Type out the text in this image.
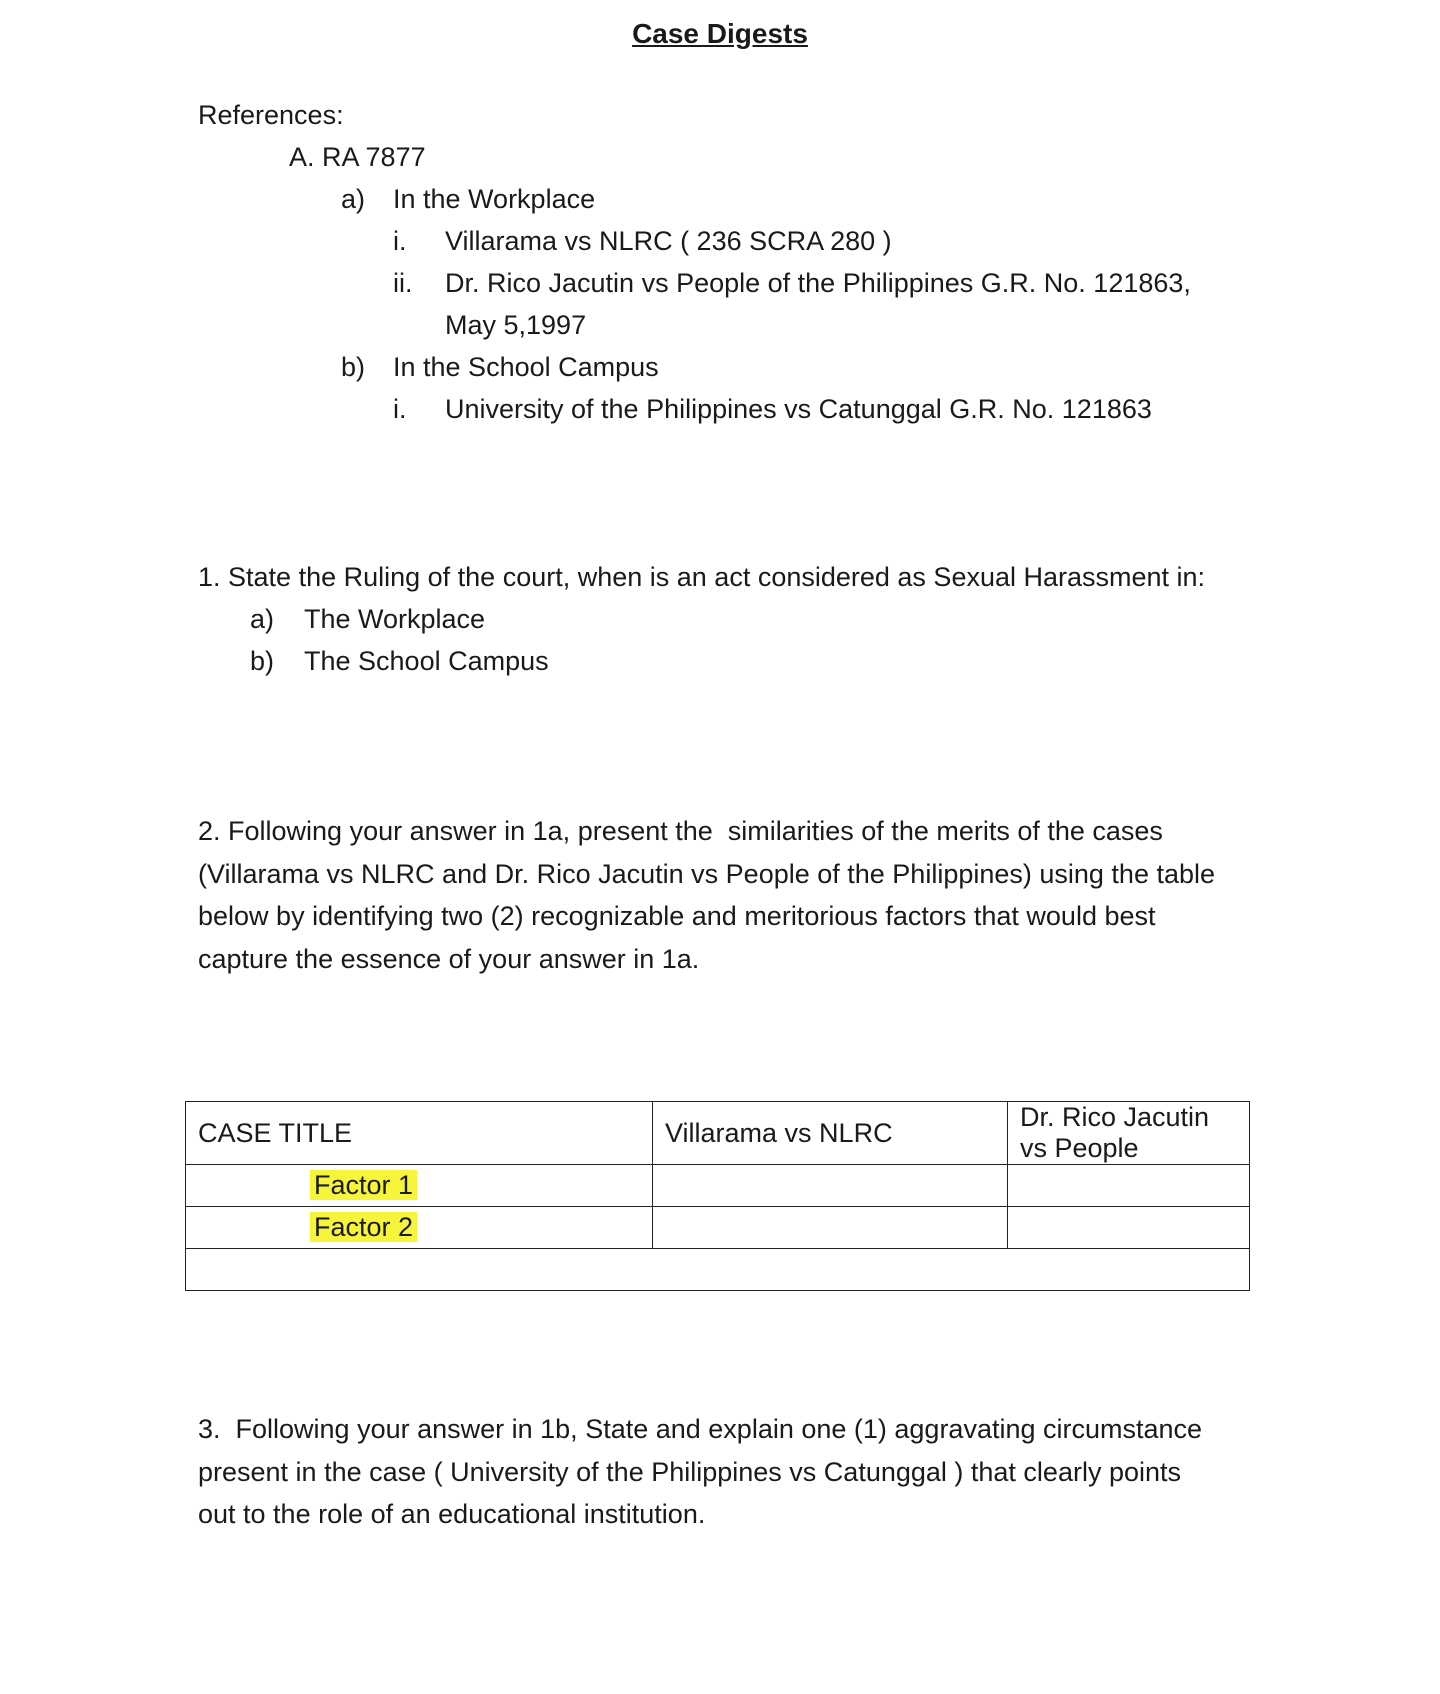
Case Digests
References:
A. RA 7877
a) In the Workplace
i. Villarama vs NLRC ( 236 SCRA 280 )
ii. Dr. Rico Jacutin vs People of the Philippines G.R. No. 121863,
May 5,1997
b) In the School Campus
i. University of the Philippines vs Catunggal G.R. No. 121863
1. State the Ruling of the court, when is an act considered as Sexual Harassment in:
a) The Workplace
b) The School Campus
2. Following your answer in 1a, present the  similarities of the merits of the cases
(Villarama vs NLRC and Dr. Rico Jacutin vs People of the Philippines) using the table
below by identifying two (2) recognizable and meritorious factors that would best
capture the essence of your answer in 1a.
CASE TITLE	Villarama vs NLRC	Dr. Rico Jacutin vs People
Factor 1		
Factor 2		

3.  Following your answer in 1b, State and explain one (1) aggravating circumstance
present in the case ( University of the Philippines vs Catunggal ) that clearly points
out to the role of an educational institution.
